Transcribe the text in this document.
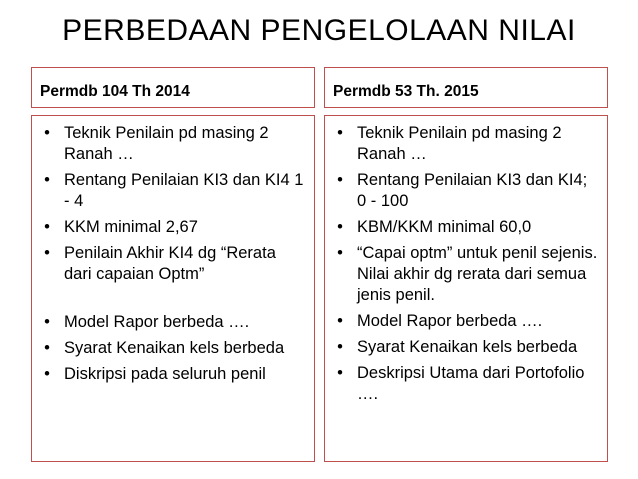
PERBEDAAN PENGELOLAAN NILAI
Permdb 104 Th 2014	Permdb 53 Th. 2015
• Teknik Penilain pd masing 2 Ranah …
• Rentang Penilaian KI3 dan KI4 1 - 4
• KKM minimal 2,67
• Penilain Akhir KI4 dg “Rerata dari capaian Optm”
• Model Rapor berbeda ….
• Syarat Kenaikan kels berbeda
• Diskripsi pada seluruh penil
• Teknik Penilain pd masing 2 Ranah …
• Rentang Penilaian KI3 dan KI4; 0 - 100
• KBM/KKM minimal 60,0
• “Capai optm” untuk penil sejenis. Nilai akhir dg rerata dari semua jenis penil.
• Model Rapor berbeda ….
• Syarat Kenaikan kels berbeda
• Deskripsi Utama dari Portofolio ….
